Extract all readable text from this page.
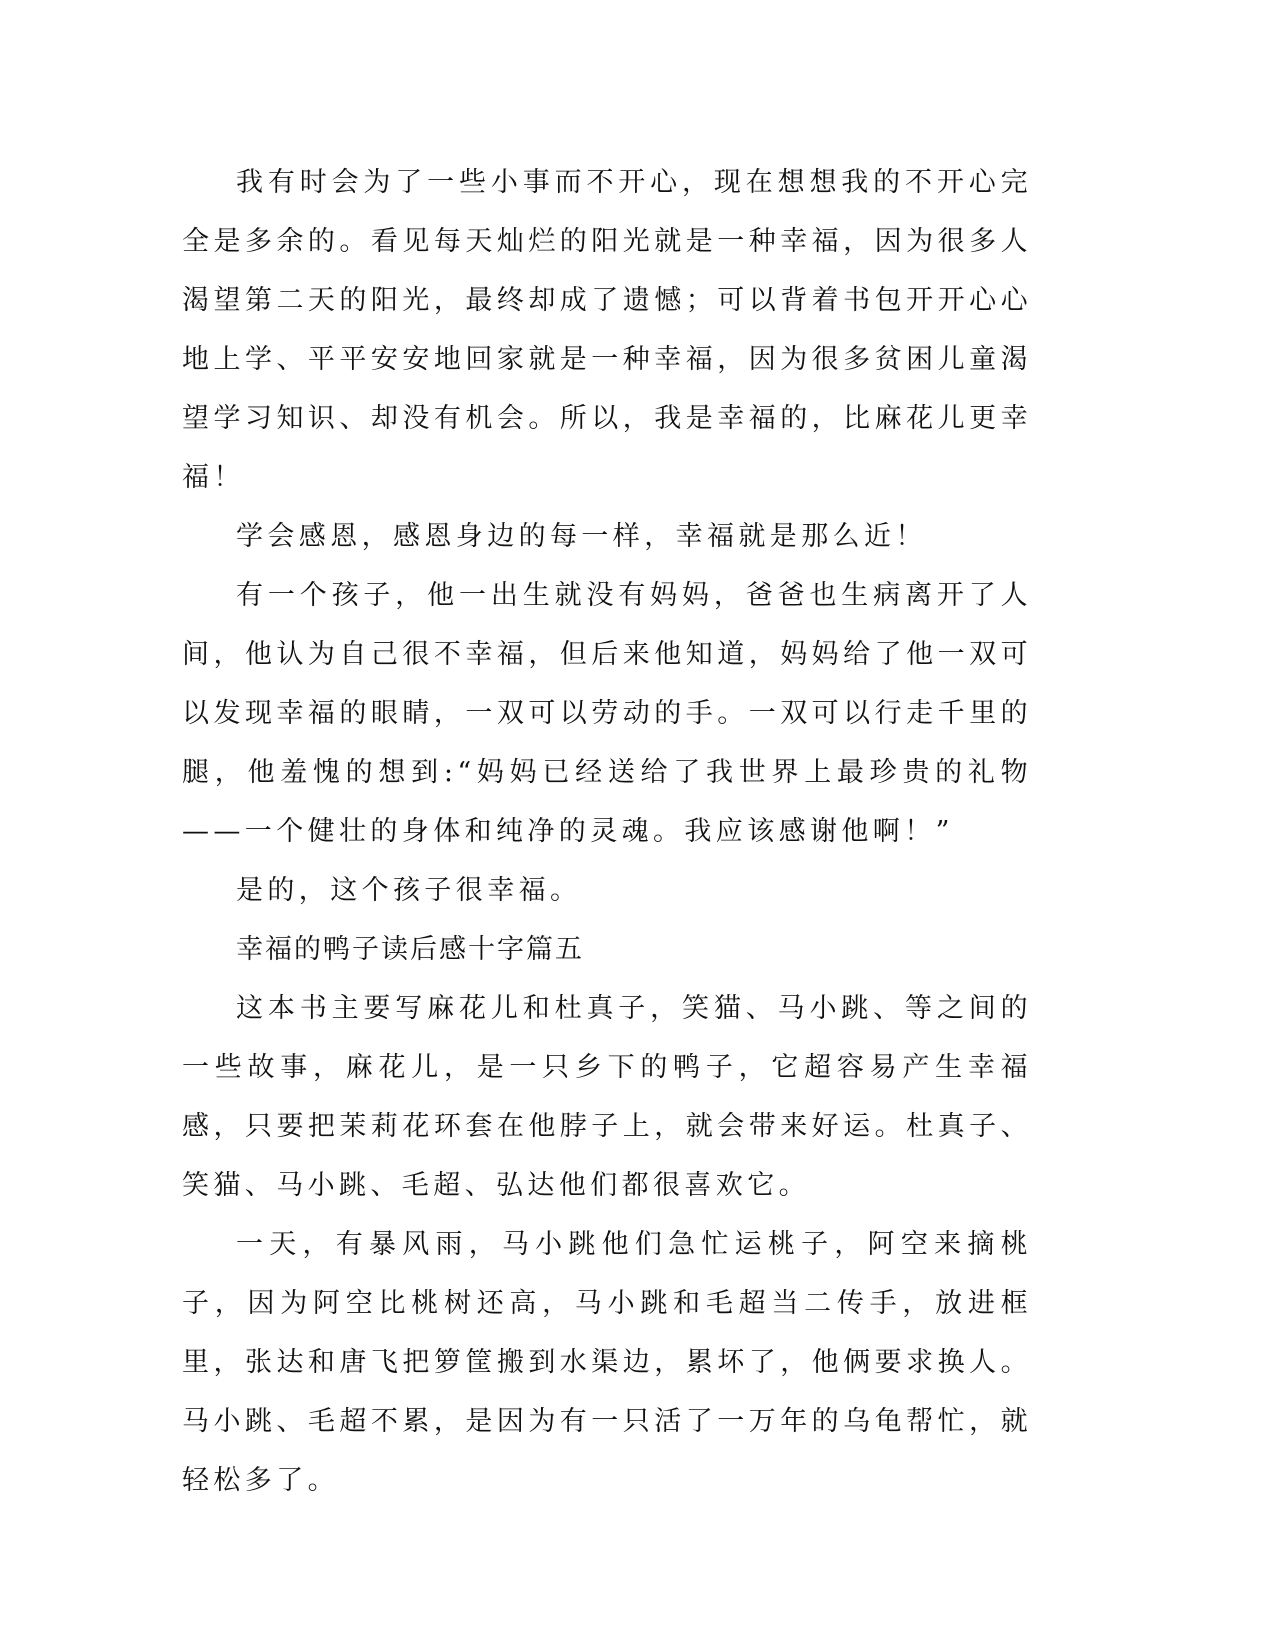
我有时会为了一些小事而不开心，现在想想我的不开心完全是多余的。看见每天灿烂的阳光就是一种幸福，因为很多人渴望第二天的阳光，最终却成了遗憾；可以背着书包开开心心地上学、平平安安地回家就是一种幸福，因为很多贫困儿童渴望学习知识、却没有机会。所以，我是幸福的，比麻花儿更幸福！

学会感恩，感恩身边的每一样，幸福就是那么近！

有一个孩子，他一出生就没有妈妈，爸爸也生病离开了人间，他认为自己很不幸福，但后来他知道，妈妈给了他一双可以发现幸福的眼睛，一双可以劳动的手。一双可以行走千里的腿，他羞愧的想到:“妈妈已经送给了我世界上最珍贵的礼物——一个健壮的身体和纯净的灵魂。我应该感谢他啊！”

是的，这个孩子很幸福。

幸福的鸭子读后感十字篇五

这本书主要写麻花儿和杜真子，笑猫、马小跳、等之间的一些故事，麻花儿，是一只乡下的鸭子，它超容易产生幸福感，只要把茉莉花环套在他脖子上，就会带来好运。杜真子、笑猫、马小跳、毛超、弘达他们都很喜欢它。

一天，有暴风雨，马小跳他们急忙运桃子，阿空来摘桃子，因为阿空比桃树还高，马小跳和毛超当二传手，放进框里，张达和唐飞把箩筐搬到水渠边，累坏了，他俩要求换人。马小跳、毛超不累，是因为有一只活了一万年的乌龟帮忙，就轻松多了。
